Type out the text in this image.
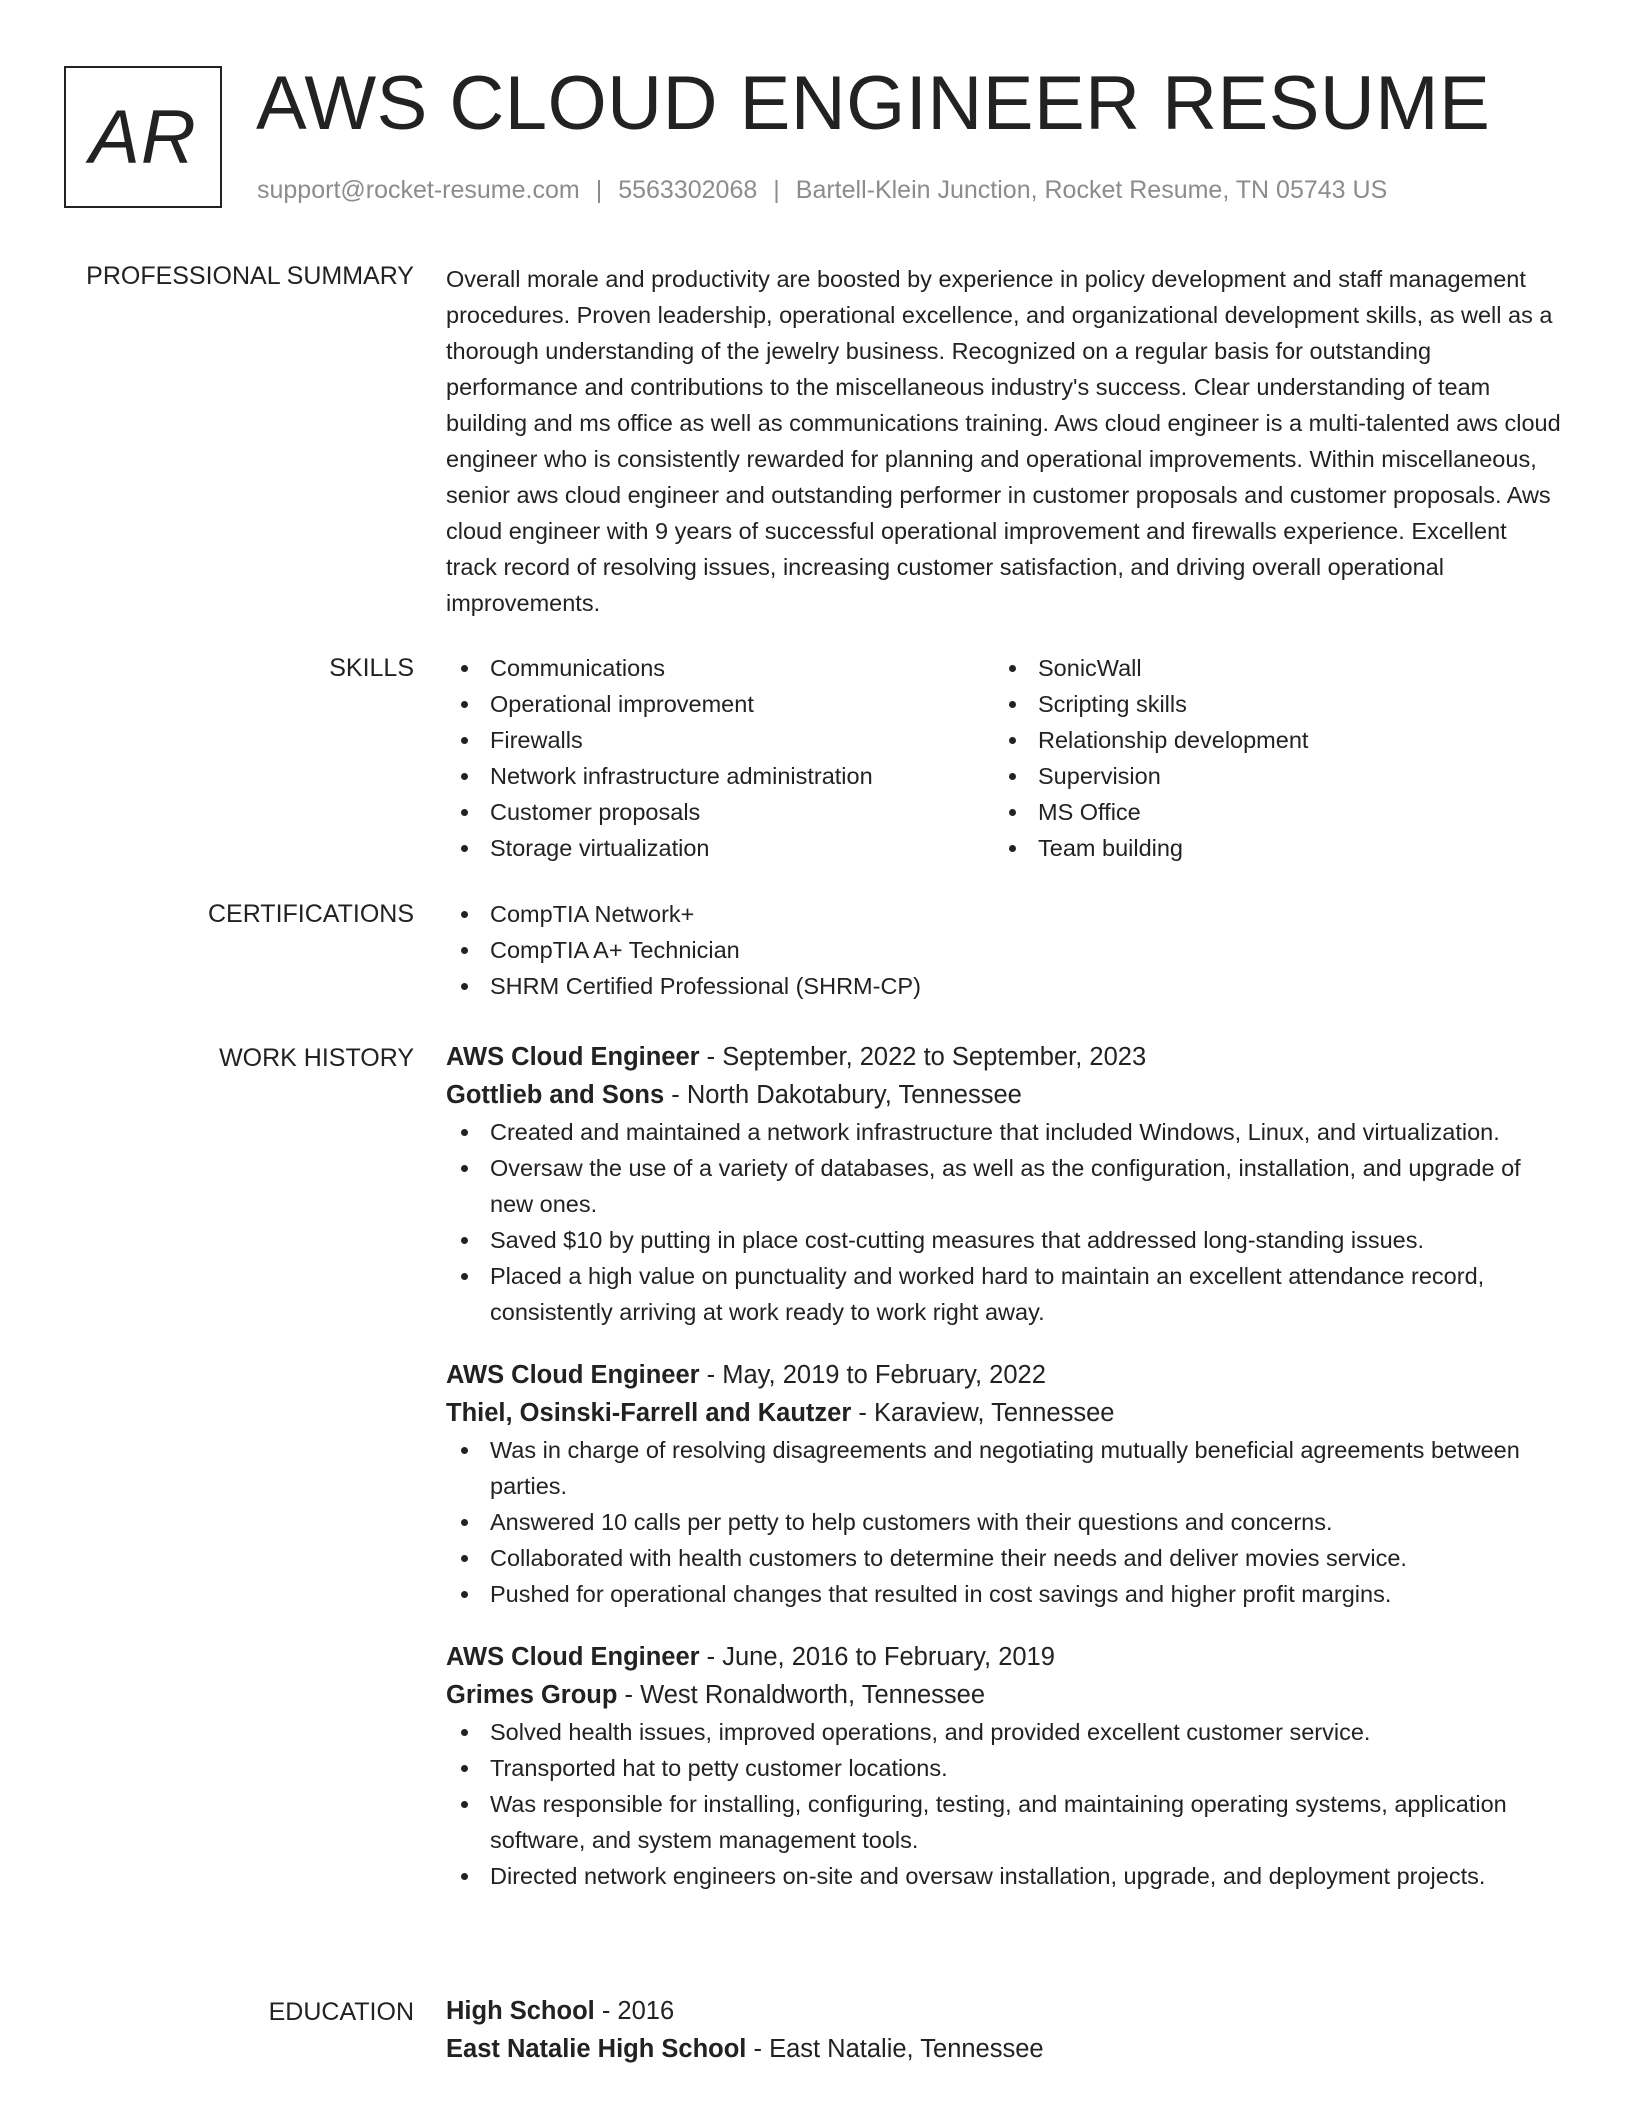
AR AWS CLOUD ENGINEER RESUME
support@rocket-resume.com | 5563302068 | Bartell-Klein Junction, Rocket Resume, TN 05743 US
PROFESSIONAL SUMMARY Overall morale and productivity are boosted by experience in policy development and staff management procedures. Proven leadership, operational excellence, and organizational development skills, as well as a thorough understanding of the jewelry business. Recognized on a regular basis for outstanding performance and contributions to the miscellaneous industry's success. Clear understanding of team building and ms office as well as communications training. Aws cloud engineer is a multi-talented aws cloud engineer who is consistently rewarded for planning and operational improvements. Within miscellaneous, senior aws cloud engineer and outstanding performer in customer proposals and customer proposals. Aws cloud engineer with 9 years of successful operational improvement and firewalls experience. Excellent track record of resolving issues, increasing customer satisfaction, and driving overall operational improvements.

SKILLS	Communications
Operational improvement
Firewalls
Network infrastructure administration
Customer proposals
Storage virtualization
SonicWall
Scripting skills
Relationship development
Supervision
MS Office
Team building
CERTIFICATIONS	CompTIA Network+
CompTIA A+ Technician
SHRM Certified Professional (SHRM-CP)
WORK HISTORY AWS Cloud Engineer - September, 2022 to September, 2023
Gottlieb and Sons - North Dakotabury, Tennessee
Created and maintained a network infrastructure that included Windows, Linux, and virtualization.
Oversaw the use of a variety of databases, as well as the configuration, installation, and upgrade of new ones.
Saved $10 by putting in place cost-cutting measures that addressed long-standing issues.
Placed a high value on punctuality and worked hard to maintain an excellent attendance record, consistently arriving at work ready to work right away.
AWS Cloud Engineer - May, 2019 to February, 2022
Thiel, Osinski-Farrell and Kautzer - Karaview, Tennessee
Was in charge of resolving disagreements and negotiating mutually beneficial agreements between parties.
Answered 10 calls per petty to help customers with their questions and concerns.
Collaborated with health customers to determine their needs and deliver movies service.
Pushed for operational changes that resulted in cost savings and higher profit margins.
AWS Cloud Engineer - June, 2016 to February, 2019
Grimes Group - West Ronaldworth, Tennessee
Solved health issues, improved operations, and provided excellent customer service.
Transported hat to petty customer locations.
Was responsible for installing, configuring, testing, and maintaining operating systems, application software, and system management tools.
Directed network engineers on-site and oversaw installation, upgrade, and deployment projects.
EDUCATION High School - 2016
East Natalie High School - East Natalie, Tennessee
